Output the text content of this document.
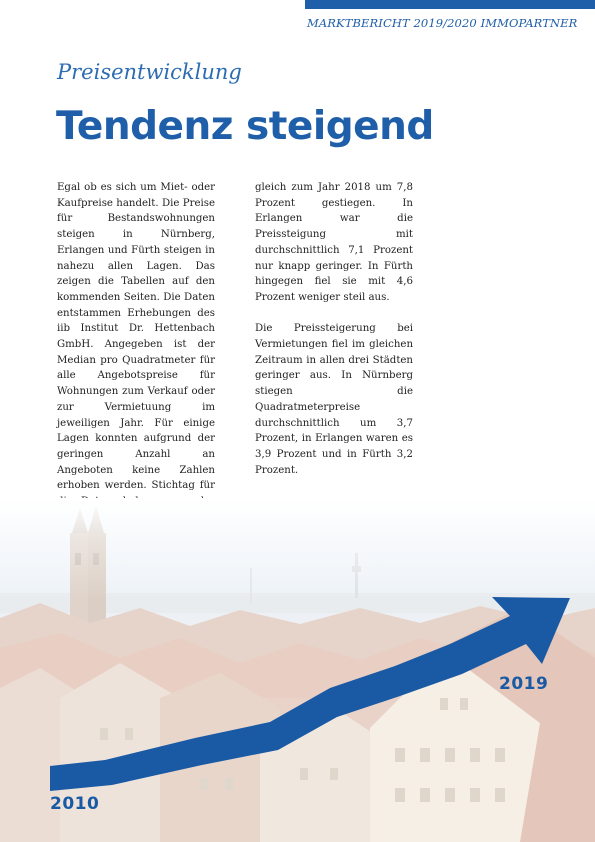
MARKTBERICHT 2019/2020 IMMOPARTNER
Preisentwicklung
Tendenz steigend

Egal ob es sich um Miet- oder Kaufpreise handelt. Die Preise für Bestandswohnungen steigen in Nürnberg, Erlangen und Fürth steigen in nahezu allen Lagen. Das zeigen die Tabellen auf den kommenden Seiten. Die Daten entstammen Erhebungen des iib Institut Dr. Hettenbach GmbH. Angegeben ist der Median pro Quadratmeter für alle Angebotspreise für Wohnungen zum Verkauf oder zur Vermietuung im jeweiligen Jahr. Für einige Lagen konnten aufgrund der geringen Anzahl an Angeboten keine Zahlen erhoben werden. Stichtag für

gleich zum Jahr 2018 um 7,8 Prozent gestiegen. In Erlangen war die Preissteigung mit durchschnittlich 7,1 Prozent nur knapp geringer. In Fürth hingegen fiel sie mit 4,6 Prozent weniger steil aus.

Die Preissteigerung bei Vermietungen fiel im gleichen Zeitraum in allen drei Städten geringer aus. In Nürnberg stiegen die Quadratmeterpreise durchschnittlich um 3,7 Prozent, in Erlangen waren es 3,9 Prozent und in Fürth 3,2 Prozent.

2010
2019
